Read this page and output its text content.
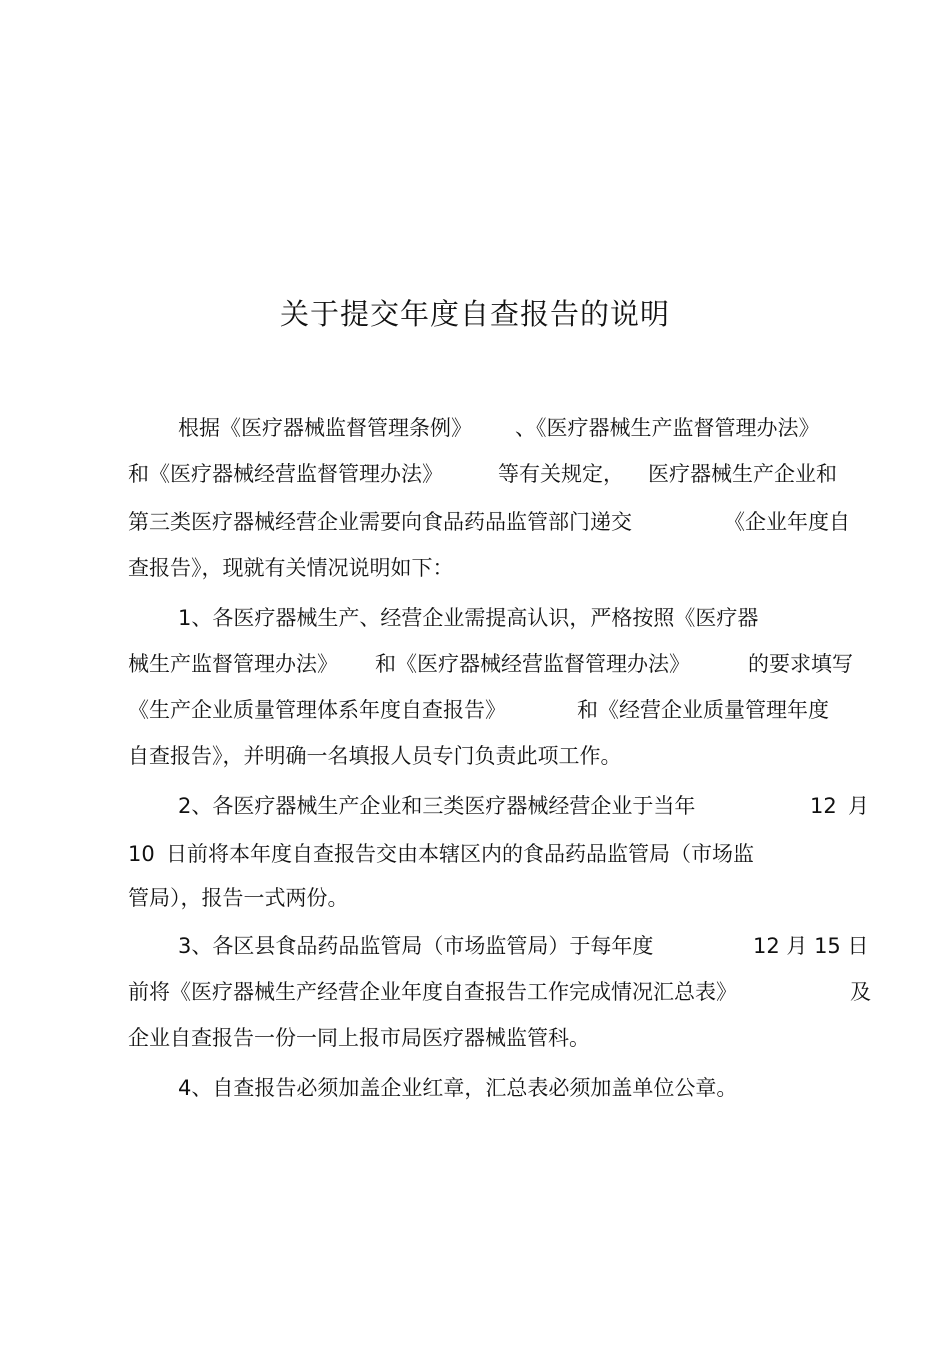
关于提交年度自查报告的说明
根据《医疗器械监督管理条例》 、《医疗器械生产监督管理办法》
和《医疗器械经营监督管理办法》	等有关规定， 医疗器械生产企业和
第三类医疗器械经营企业需要向食品药品监管部门递交	《企业年度自
查报告》，现就有关情况说明如下：
1、各医疗器械生产、经营企业需提高认识，严格按照《医疗器
械生产监督管理办法》 和《医疗器械经营监督管理办法》	的要求填写
《生产企业质量管理体系年度自查报告》	和《经营企业质量管理年度
自查报告》，并明确一名填报人员专门负责此项工作。
2、各医疗器械生产企业和三类医疗器械经营企业于当年	12 月
10 日前将本年度自查报告交由本辖区内的食品药品监管局（市场监
管局），报告一式两份。
3、各区县食品药品监管局（市场监管局）于每年度	12 月 15 日
前将《医疗器械生产经营企业年度自查报告工作完成情况汇总表》	及
企业自查报告一份一同上报市局医疗器械监管科。
4、自查报告必须加盖企业红章，汇总表必须加盖单位公章。
